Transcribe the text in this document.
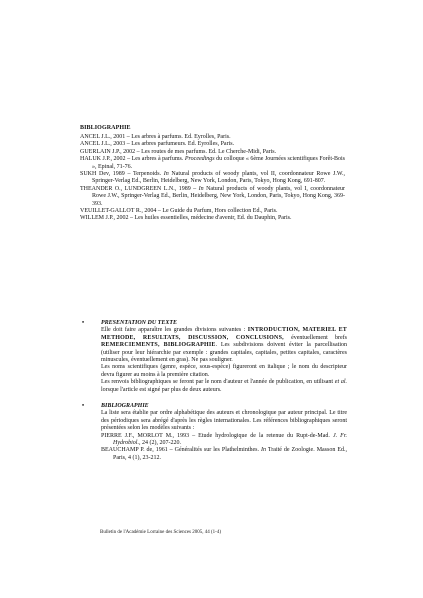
BIBLIOGRAPHIE

ANCEL J.L., 2001 – Les arbres à parfums. Ed. Eyrolles, Paris.

ANCEL J.L., 2003 – Les arbres parfumeurs. Ed. Eyrolles, Paris.

GUERLAIN J.P., 2002 – Les routes de mes parfums. Ed. Le Cherche-Midi, Paris.

HALUK J.P., 2002 – Les arbres à parfums. Proceedings du colloque « 6ème Journées scientifiques Forêt-Bois », Epinal, 71-76.

SUKH Dev, 1989 – Terpenoids. In Natural products of woody plants, vol II, coordonnateur Rowe J.W., Springer-Verlag Ed., Berlin, Heidelberg, New York, London, Paris, Tokyo, Hong Kong, 691-807.

THEANDER O., LUNDGREEN L.N., 1989 – In Natural products of woody plants, vol I, coordonnateur Rowe J.W., Springer-Verlag Ed., Berlin, Heidelberg, New York, London, Paris, Tokyo, Hong Kong, 369-393.

VEUILLET-GALLOT R., 2004 – Le Guide du Parfum, Hors collection Ed., Paris.

WILLEM J.P., 2002 – Les huiles essentielles, médecine d'avenir, Ed. du Dauphin, Paris.

•	PRESENTATION DU TEXTE

Elle doit faire apparaître les grandes divisions suivantes : INTRODUCTION, MATERIEL ET METHODE, RESULTATS, DISCUSSION, CONCLUSIONS, éventuellement brefs REMERCIEMENTS, BIBLIOGRAPHIE. Les subdivisions doivent éviter la parcellisation (utiliser pour leur hiérarchie par exemple : grandes capitales, capitales, petites capitales, caractères minuscules, éventuellement en gras). Ne pas souligner.

Les noms scientifiques (genre, espèce, sous-espèce) figureront en italique ; le nom du descripteur devra figurer au moins à la première citation.

Les renvois bibliographiques se feront par le nom d'auteur et l'année de publication, en utilisant et al. lorsque l'article est signé par plus de deux auteurs.

•	BIBLIOGRAPHIE

La liste sera établie par ordre alphabétique des auteurs et chronologique par auteur principal. Le titre des périodiques sera abrégé d'après les règles internationales. Les références bibliographiques seront présentées selon les modèles suivants :

PIERRE J.F., MORLOT M., 1993 – Etude hydrologique de la retenue du Rupt-de-Mad. J. Fr. Hydrobiol., 24 (2), 207-220.

BEAUCHAMP P. de, 1961 – Généralités sur les Plathelminthes. In Traité de Zoologie. Masson Ed., Paris, 4 (1), 23-212.

Bulletin de l'Académie Lorraine des Sciences 2005, 44 (1-4)
